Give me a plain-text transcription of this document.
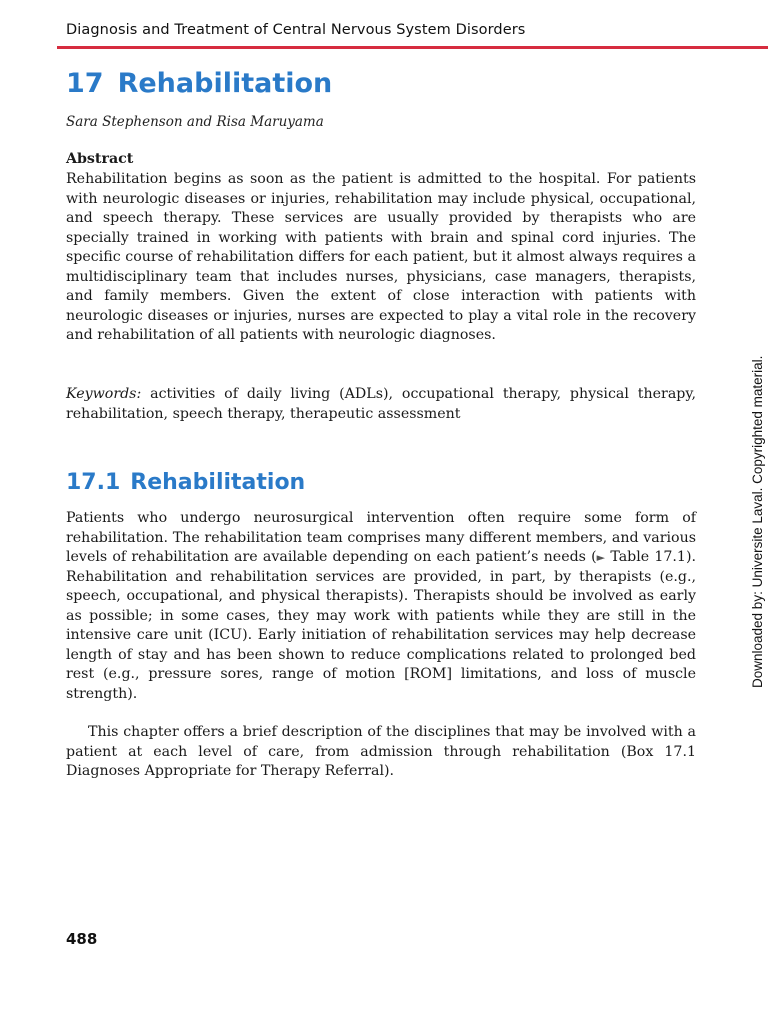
Diagnosis and Treatment of Central Nervous System Disorders
17 Rehabilitation
Sara Stephenson and Risa Maruyama
Abstract
Rehabilitation begins as soon as the patient is admitted to the hospital. For patients with neurologic diseases or injuries, rehabilitation may include physical, occupational, and speech therapy. These services are usually provided by therapists who are specially trained in working with patients with brain and spinal cord injuries. The specific course of rehabilitation differs for each patient, but it almost always requires a multidisciplinary team that includes nurses, physicians, case managers, therapists, and family members. Given the extent of close interaction with patients with neurologic diseases or injuries, nurses are expected to play a vital role in the recovery and rehabilitation of all patients with neurologic diagnoses.
Keywords: activities of daily living (ADLs), occupational therapy, physical therapy, rehabilitation, speech therapy, therapeutic assessment
17.1 Rehabilitation
Patients who undergo neurosurgical intervention often require some form of rehabilitation. The rehabilitation team comprises many different members, and various levels of rehabilitation are available depending on each patient’s needs (► Table 17.1). Rehabilitation and rehabilitation services are provided, in part, by therapists (e.g., speech, occupational, and physical therapists). Therapists should be involved as early as possible; in some cases, they may work with patients while they are still in the intensive care unit (ICU). Early initiation of rehabilitation services may help decrease length of stay and has been shown to reduce complications related to prolonged bed rest (e.g., pressure sores, range of motion [ROM] limitations, and loss of muscle strength).
This chapter offers a brief description of the disciplines that may be involved with a patient at each level of care, from admission through rehabilitation (Box 17.1 Diagnoses Appropriate for Therapy Referral).
488
Downloaded by: Universite Laval. Copyrighted material.
